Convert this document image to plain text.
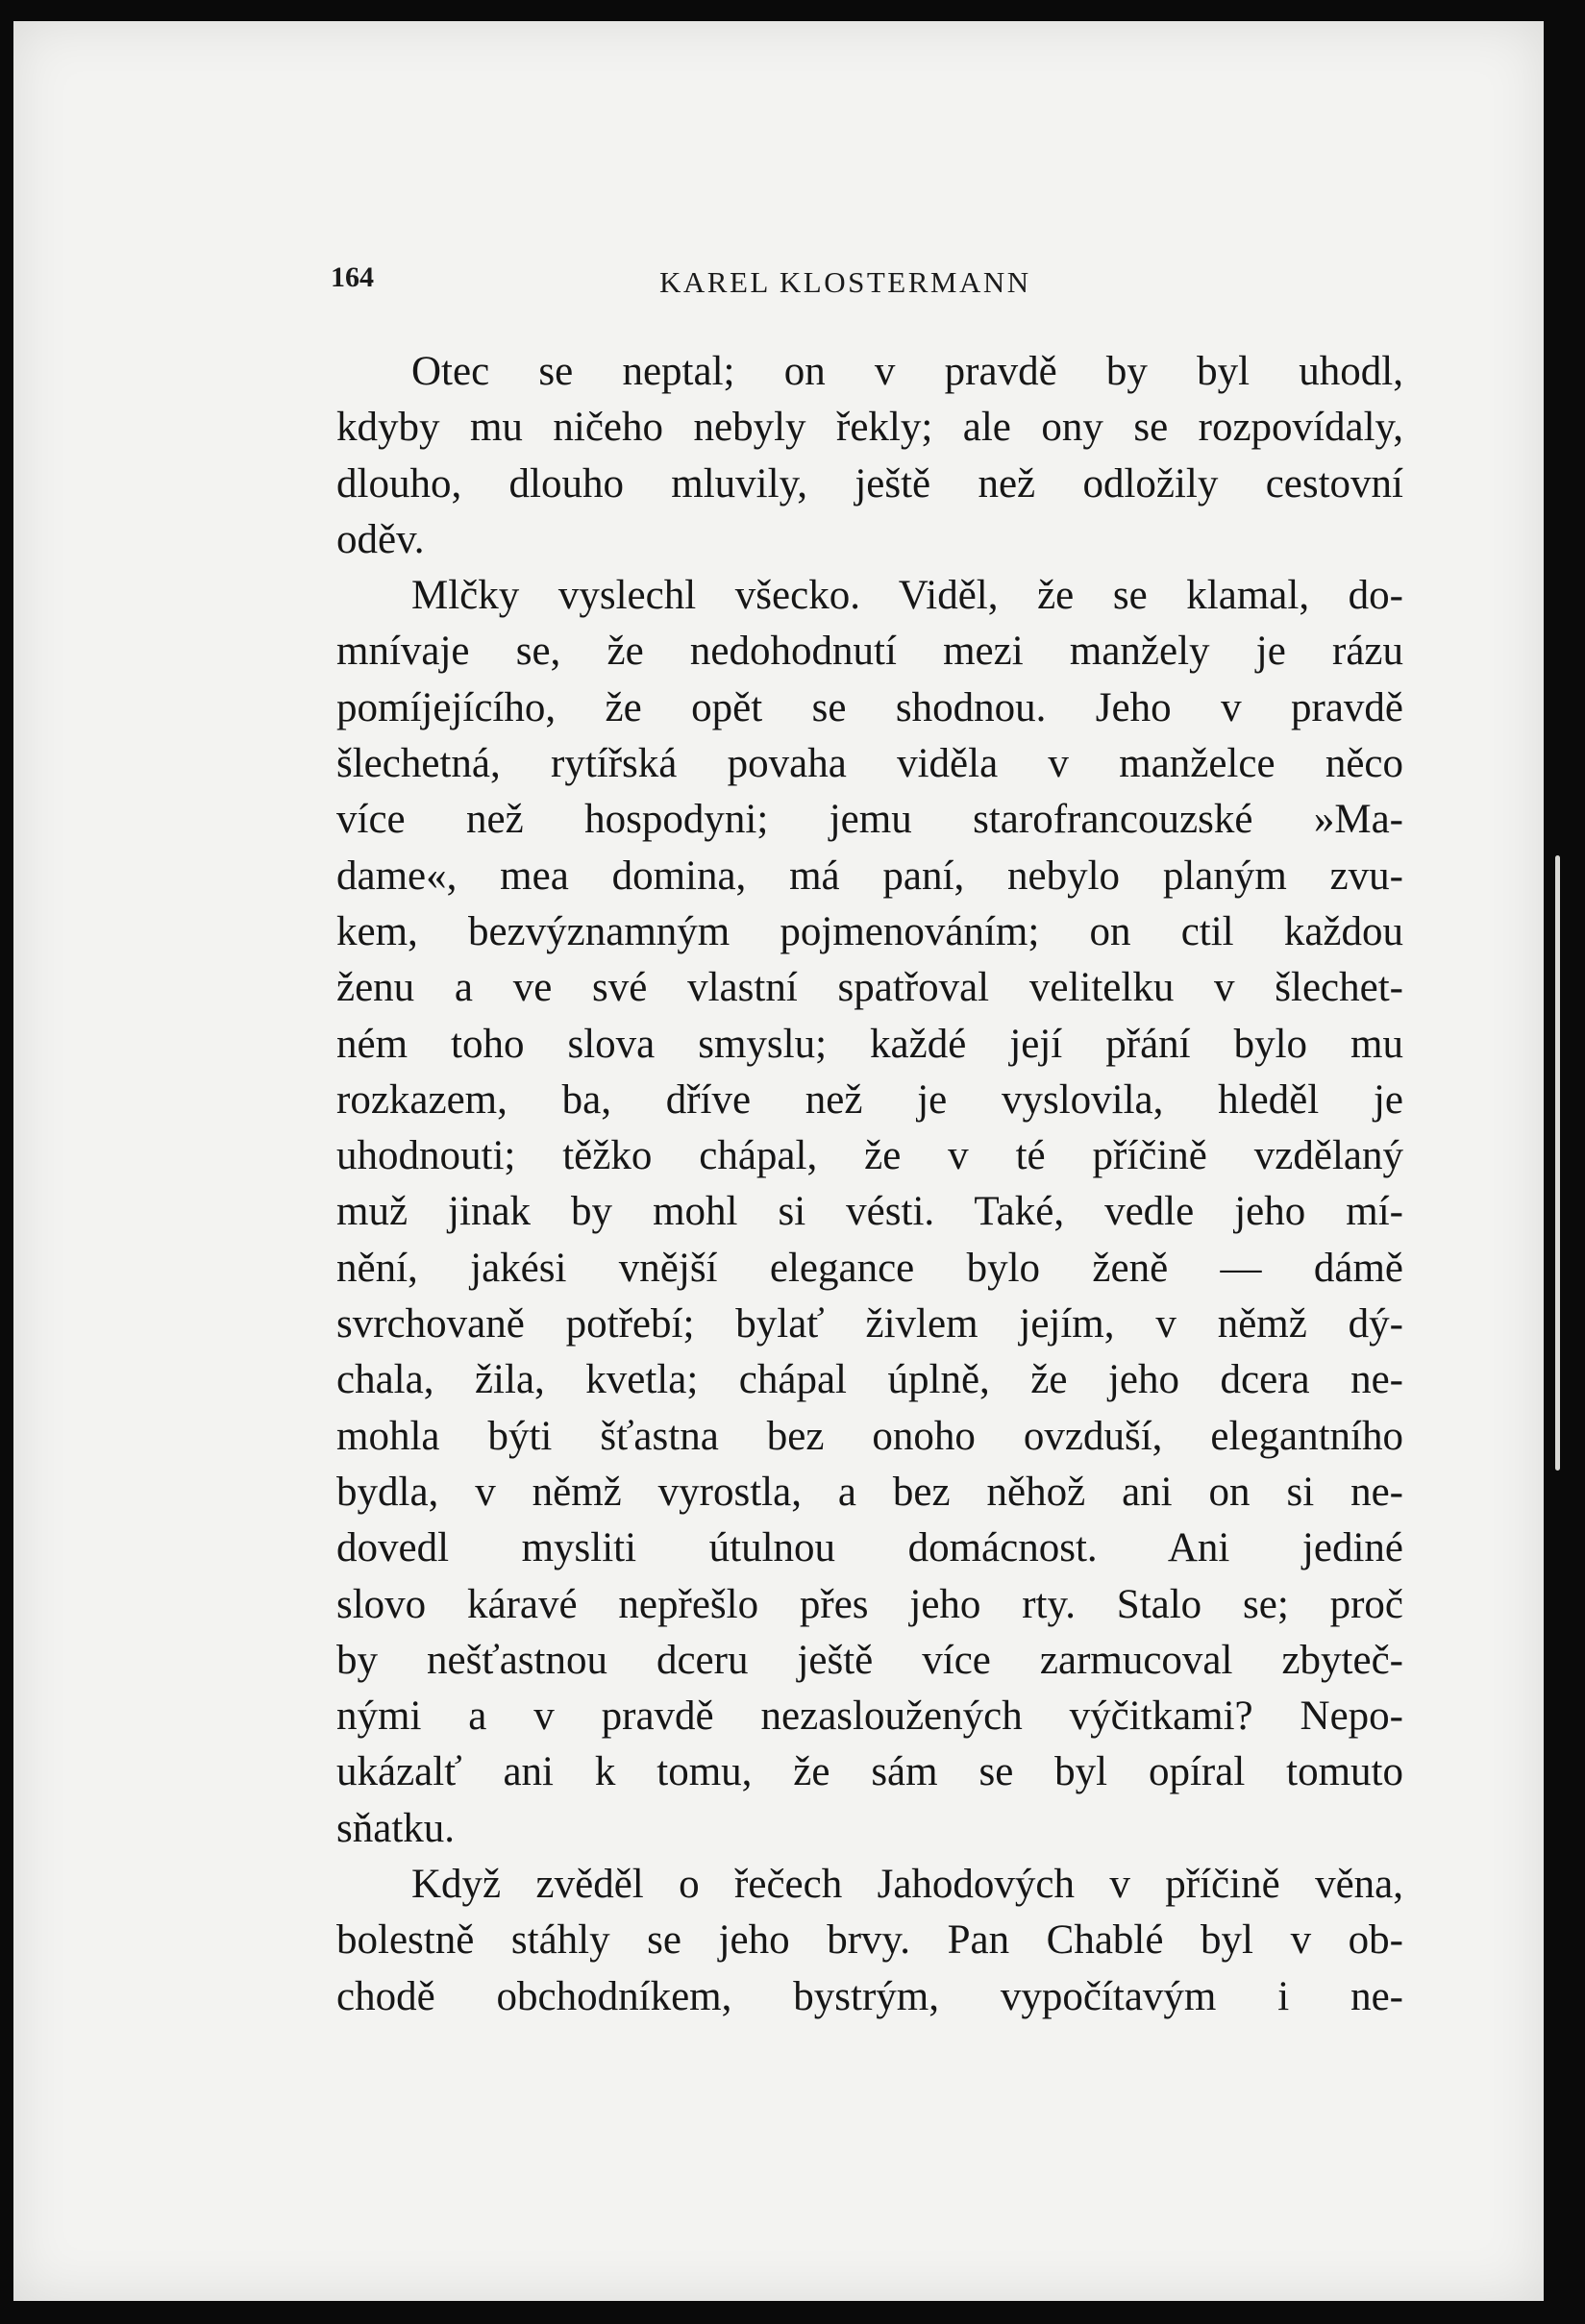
164	KAREL KLOSTERMANN
Otec se neptal; on v pravdě by byl uhodl,
kdyby mu ničeho nebyly řekly; ale ony se rozpovídaly,
dlouho, dlouho mluvily, ještě než odložily cestovní
oděv.
Mlčky vyslechl všecko. Viděl, že se klamal, do-
mnívaje se, že nedohodnutí mezi manžely je rázu
pomíjejícího, že opět se shodnou. Jeho v pravdě
šlechetná, rytířská povaha viděla v manželce něco
více než hospodyni; jemu starofrancouzské »Ma-
dame«, mea domina, má paní, nebylo planým zvu-
kem, bezvýznamným pojmenováním; on ctil každou
ženu a ve své vlastní spatřoval velitelku v šlechet-
ném toho slova smyslu; každé její přání bylo mu
rozkazem, ba, dříve než je vyslovila, hleděl je
uhodnouti; těžko chápal, že v té příčině vzdělaný
muž jinak by mohl si vésti. Také, vedle jeho mí-
nění, jakési vnější elegance bylo ženě — dámě
svrchovaně potřebí; bylať živlem jejím, v němž dý-
chala, žila, kvetla; chápal úplně, že jeho dcera ne-
mohla býti šťastna bez onoho ovzduší, elegantního
bydla, v němž vyrostla, a bez něhož ani on si ne-
dovedl mysliti útulnou domácnost. Ani jediné
slovo káravé nepřešlo přes jeho rty. Stalo se; proč
by nešťastnou dceru ještě více zarmucoval zbyteč-
nými a v pravdě nezasloužených výčitkami? Nepo-
ukázalť ani k tomu, že sám se byl opíral tomuto
sňatku.
Když zvěděl o řečech Jahodových v příčině věna,
bolestně stáhly se jeho brvy. Pan Chablé byl v ob-
chodě obchodníkem, bystrým, vypočítavým i ne-
